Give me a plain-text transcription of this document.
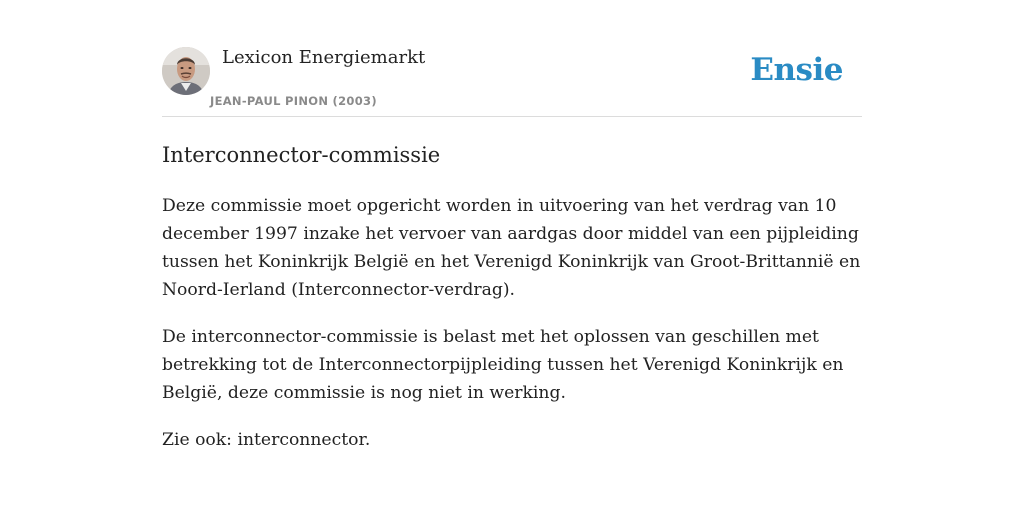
Lexicon Energiemarkt
JEAN-PAUL PINON (2003)
Ensie
Interconnector-commissie

Deze commissie moet opgericht worden in uitvoering van het verdrag van 10 december 1997 inzake het vervoer van aardgas door middel van een pijpleiding tussen het Koninkrijk België en het Verenigd Koninkrijk van Groot-Brittannië en Noord-Ierland (Interconnector-verdrag).

De interconnector-commissie is belast met het oplossen van geschillen met betrekking tot de Interconnectorpijpleiding tussen het Verenigd Koninkrijk en België, deze commissie is nog niet in werking.

Zie ook: interconnector.
